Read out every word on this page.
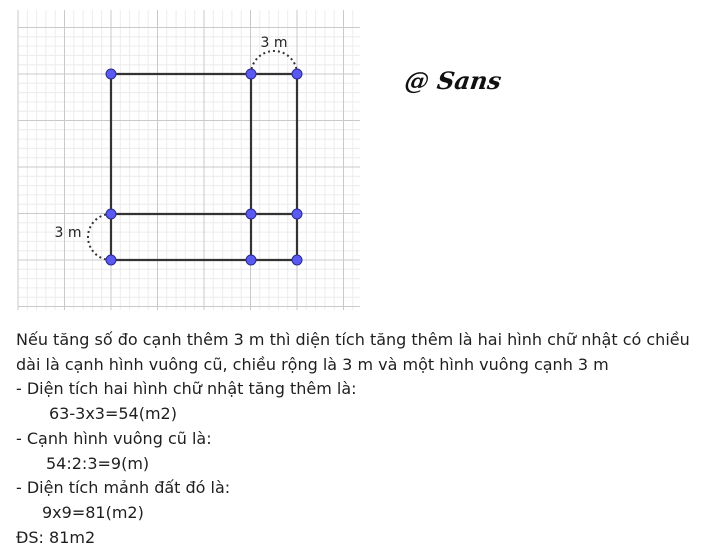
3 m
3 m
@ Sans
Nếu tăng số đo cạnh thêm 3 m thì diện tích tăng thêm là hai hình chữ nhật có chiều dài là cạnh hình vuông cũ, chiều rộng là 3 m và một hình vuông cạnh 3 m
- Diện tích hai hình chữ nhật tăng thêm là:
63-3x3=54(m2)
- Cạnh hình vuông cũ là:
54:2:3=9(m)
- Diện tích mảnh đất đó là:
9x9=81(m2)
ĐS: 81m2
